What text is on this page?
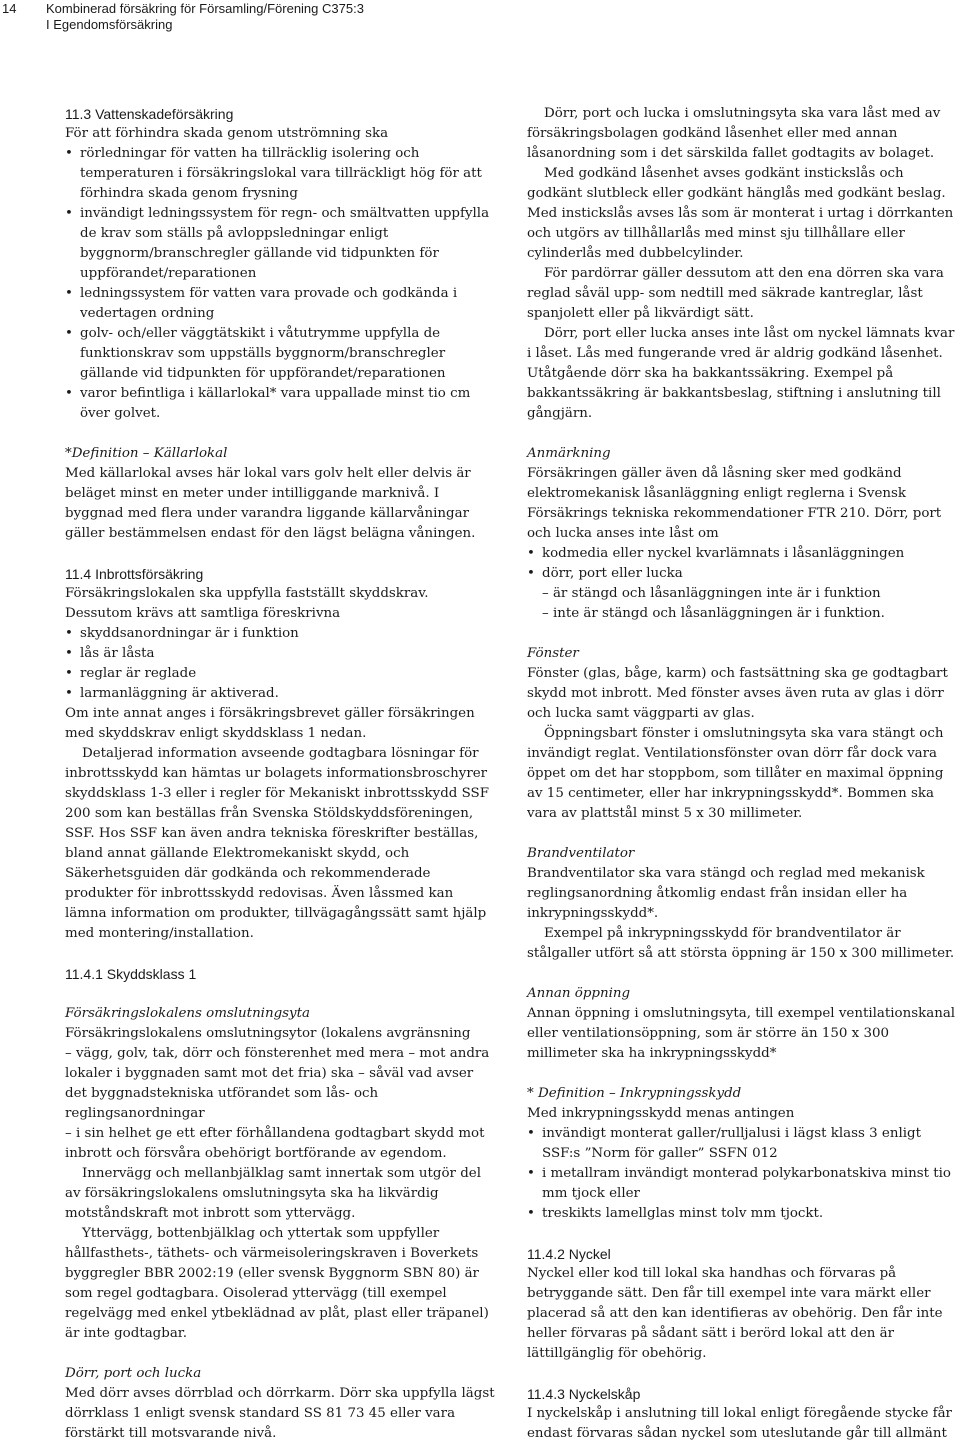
14 Kombinerad försäkring för Församling/Förening C375:3
I Egendomsförsäkring
11.3 Vattenskadeförsäkring

För att förhindra skada genom utströmning ska

• rörledningar för vatten ha tillräcklig isolering och temperaturen i försäkringslokal vara tillräckligt hög för att förhindra skada genom frysning
• invändigt ledningssystem för regn- och smältvatten uppfylla de krav som ställs på avloppsledningar enligt byggnorm/branschregler gällande vid tidpunkten för uppförandet/reparationen
• ledningssystem för vatten vara provade och godkända i vedertagen ordning
• golv- och/eller väggtätskikt i våtutrymme uppfylla de funktionskrav som uppställs byggnorm/branschregler gällande vid tidpunkten för uppförandet/reparationen
• varor befintliga i källarlokal* vara uppallade minst tio cm över golvet.
*Definition – Källarlokal

Med källarlokal avses här lokal vars golv helt eller delvis är beläget minst en meter under intilliggande marknivå. I byggnad med flera under varandra liggande källarvåningar gäller bestämmelsen endast för den lägst belägna våningen.

11.4 Inbrottsförsäkring

Försäkringslokalen ska uppfylla fastställt skyddskrav. Dessutom krävs att samtliga föreskrivna

• skyddsanordningar är i funktion
• lås är låsta
• reglar är reglade
• larmanläggning är aktiverad.

Om inte annat anges i försäkringsbrevet gäller försäkringen med skyddskrav enligt skyddsklass 1 nedan.

Detaljerad information avseende godtagbara lösningar för inbrottsskydd kan hämtas ur bolagets informationsbroschyrer skyddsklass 1-3 eller i regler för Mekaniskt inbrottsskydd SSF 200 som kan beställas från Svenska Stöldskyddsföreningen, SSF. Hos SSF kan även andra tekniska föreskrifter beställas, bland annat gällande Elektromekaniskt skydd, och Säkerhetsguiden där godkända och rekommenderade produkter för inbrottsskydd redovisas. Även låssmed kan lämna information om produkter, tillvägagångssätt samt hjälp med montering/installation.

11.4.1 Skyddsklass 1
Försäkringslokalens omslutningsyta

Försäkringslokalens omslutningsytor (lokalens avgränsning

– vägg, golv, tak, dörr och fönsterenhet med mera – mot andra lokaler i byggnaden samt mot det fria) ska – såväl vad avser det byggnadstekniska utförandet som lås- och reglingsanordningar

– i sin helhet ge ett efter förhållandena godtagbart skydd mot inbrott och försvåra obehörigt bortförande av egendom.

Innervägg och mellanbjälklag samt innertak som utgör del av försäkringslokalens omslutningsyta ska ha likvärdig motståndskraft mot inbrott som yttervägg.

Yttervägg, bottenbjälklag och yttertak som uppfyller hållfasthets-, täthets- och värmeisoleringskraven i Boverkets byggregler BBR 2002:19 (eller svensk Byggnorm SBN 80) är som regel godtagbara. Oisolerad yttervägg (till exempel regelvägg med enkel ytbeklädnad av plåt, plast eller träpanel) är inte godtagbar.

Dörr, port och lucka

Med dörr avses dörrblad och dörrkarm. Dörr ska uppfylla lägst dörrklass 1 enligt svensk standard SS 81 73 45 eller vara förstärkt till motsvarande nivå.

Dörr, port och lucka i omslutningsyta ska vara låst med av försäkringsbolagen godkänd låsenhet eller med annan låsanordning som i det särskilda fallet godtagits av bolaget.

Med godkänd låsenhet avses godkänt instickslås och godkänt slutbleck eller godkänt hänglås med godkänt beslag. Med instickslås avses lås som är monterat i urtag i dörrkanten och utgörs av tillhållarlås med minst sju tillhållare eller cylinderlås med dubbelcylinder.

För pardörrar gäller dessutom att den ena dörren ska vara reglad såväl upp- som nedtill med säkrade kantreglar, låst spanjolett eller på likvärdigt sätt.

Dörr, port eller lucka anses inte låst om nyckel lämnats kvar i låset. Lås med fungerande vred är aldrig godkänd låsenhet. Utåtgående dörr ska ha bakkantssäkring. Exempel på bakkantssäkring är bakkantsbeslag, stiftning i anslutning till gångjärn.

Anmärkning

Försäkringen gäller även då låsning sker med godkänd elektromekanisk låsanläggning enligt reglerna i Svensk Försäkrings tekniska rekommendationer FTR 210. Dörr, port och lucka anses inte låst om

• kodmedia eller nyckel kvarlämnats i låsanläggningen
• dörr, port eller lucka
– är stängd och låsanläggningen inte är i funktion
– inte är stängd och låsanläggningen är i funktion.
Fönster

Fönster (glas, båge, karm) och fastsättning ska ge godtagbart skydd mot inbrott. Med fönster avses även ruta av glas i dörr och lucka samt väggparti av glas.

Öppningsbart fönster i omslutningsyta ska vara stängt och invändigt reglat. Ventilationsfönster ovan dörr får dock vara öppet om det har stoppbom, som tillåter en maximal öppning av 15 centimeter, eller har inkrypningsskydd*. Bommen ska vara av plattstål minst 5 x 30 millimeter.

Brandventilator

Brandventilator ska vara stängd och reglad med mekanisk reglingsanordning åtkomlig endast från insidan eller ha inkrypningsskydd*.

Exempel på inkrypningsskydd för brandventilator är stålgaller utfört så att största öppning är 150 x 300 millimeter.

Annan öppning

Annan öppning i omslutningsyta, till exempel ventilationskanal eller ventilationsöppning, som är större än 150 x 300 millimeter ska ha inkrypningsskydd*

* Definition – Inkrypningsskydd

Med inkrypningsskydd menas antingen

• invändigt monterat galler/rulljalusi i lägst klass 3 enligt SSF:s ”Norm för galler” SSFN 012
• i metallram invändigt monterad polykarbonatskiva minst tio mm tjock eller
• treskikts lamellglas minst tolv mm tjockt.
11.4.2 Nyckel

Nyckel eller kod till lokal ska handhas och förvaras på betryggande sätt. Den får till exempel inte vara märkt eller placerad så att den kan identifieras av obehörig. Den får inte heller förvaras på sådant sätt i berörd lokal att den är lättillgänglig för obehörig.

11.4.3 Nyckelskåp

I nyckelskåp i anslutning till lokal enligt föregående stycke får endast förvaras sådan nyckel som uteslutande går till allmänt
